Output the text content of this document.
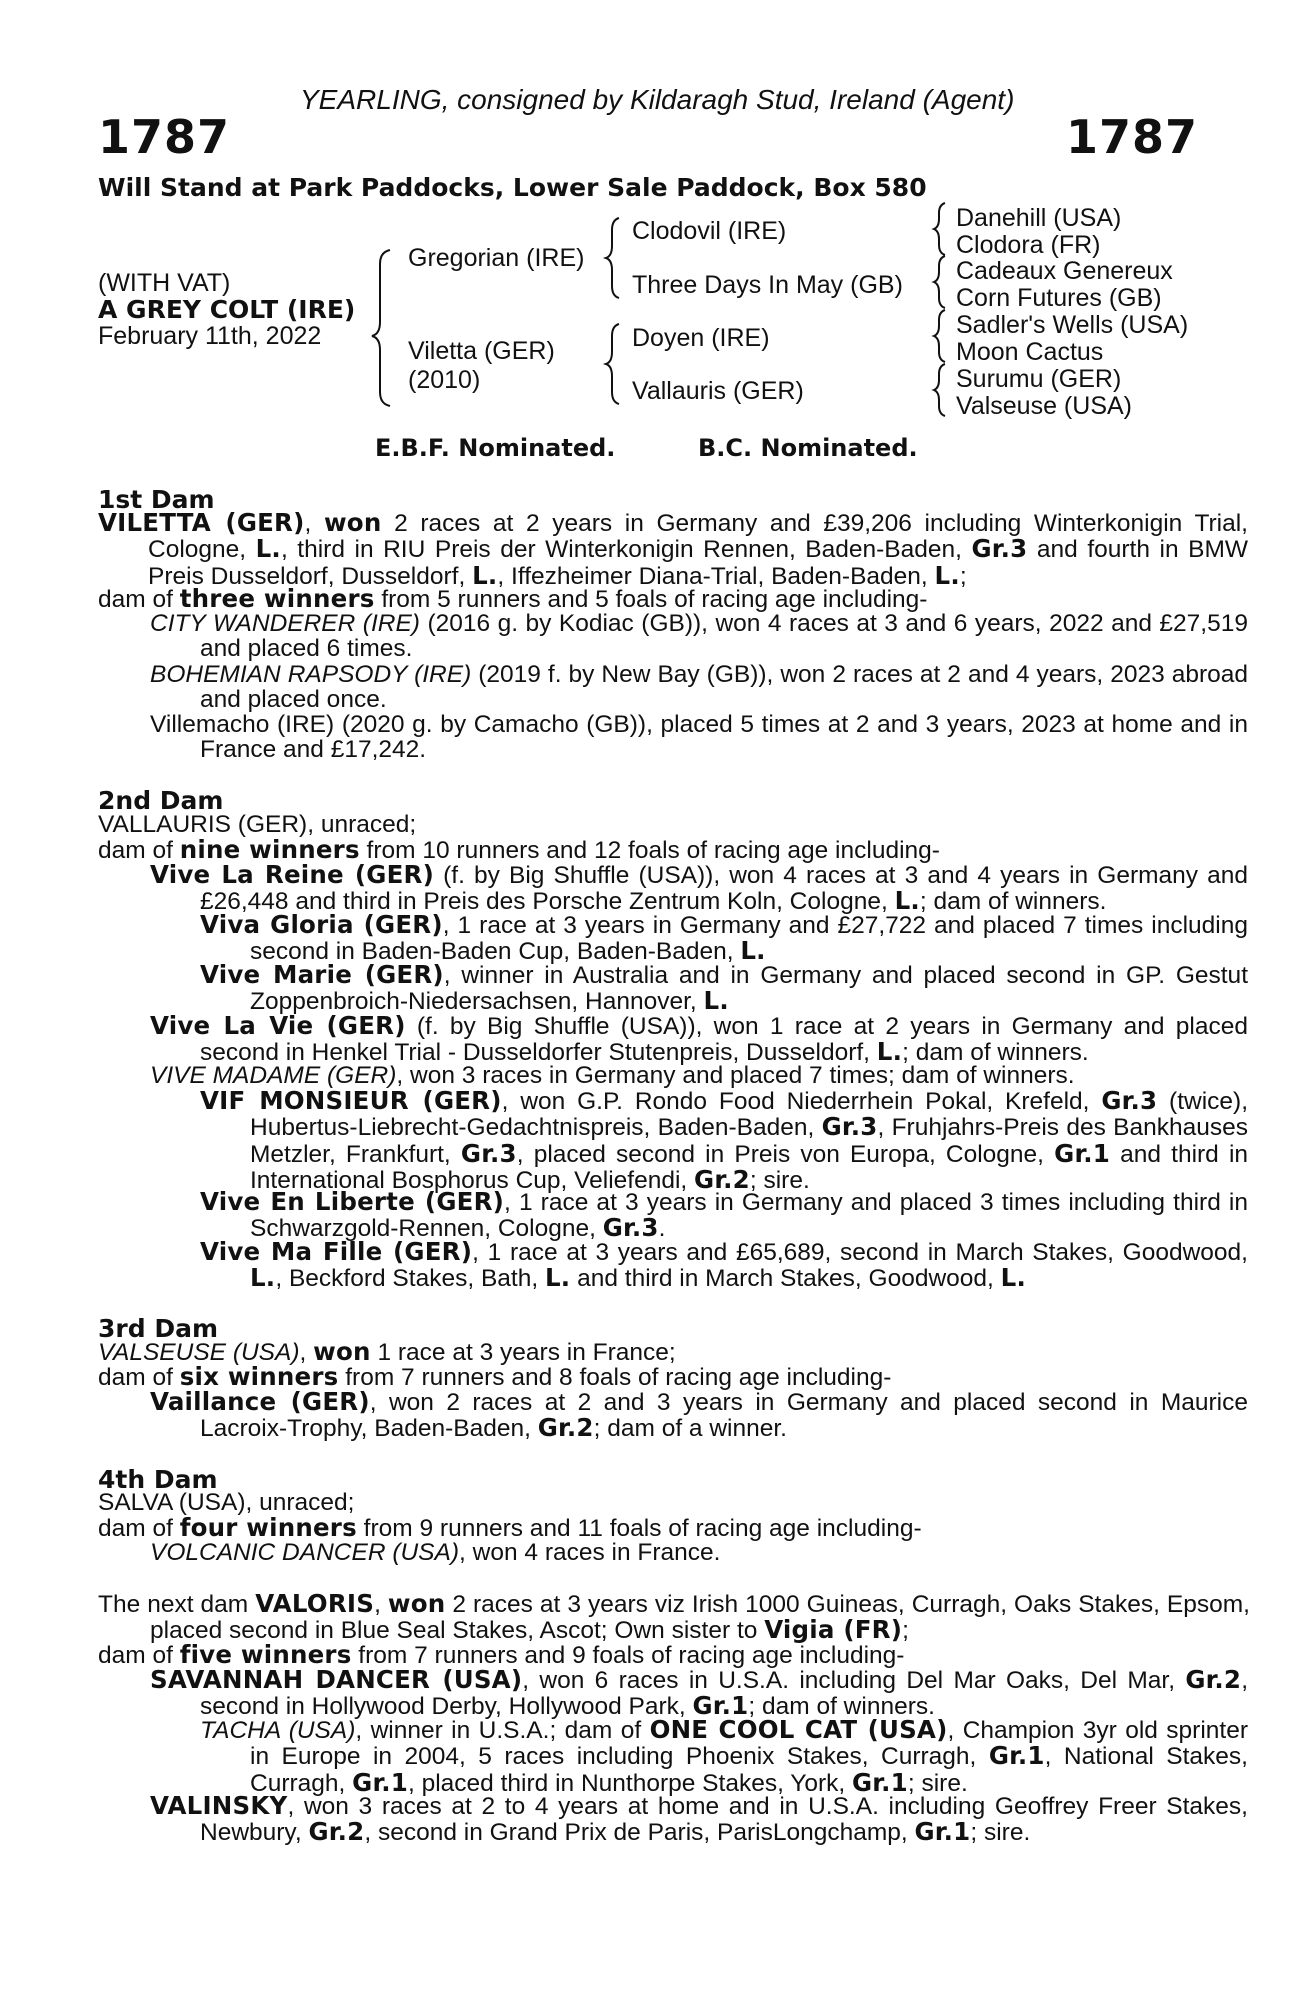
YEARLING, consigned by Kildaragh Stud, Ireland (Agent)
1787	1787
Will Stand at Park Paddocks, Lower Sale Paddock, Box 580
(WITH VAT)
A GREY COLT (IRE)
February 11th, 2022
Gregorian (IRE)
Viletta (GER)
(2010)
Clodovil (IRE)
Three Days In May (GB)
Doyen (IRE)
Vallauris (GER)
Danehill (USA)
Clodora (FR)
Cadeaux Genereux
Corn Futures (GB)
Sadler's Wells (USA)
Moon Cactus
Surumu (GER)
Valseuse (USA)
E.B.F. Nominated.	B.C. Nominated.
1st Dam

VILETTA (GER), won 2 races at 2 years in Germany and £39,206 including Winterkonigin Trial, Cologne, L., third in RIU Preis der Winterkonigin Rennen, Baden-Baden, Gr.3 and fourth in BMW Preis Dusseldorf, Dusseldorf, L., Iffezheimer Diana-Trial, Baden-Baden, L.;

dam of three winners from 5 runners and 5 foals of racing age including-

CITY WANDERER (IRE) (2016 g. by Kodiac (GB)), won 4 races at 3 and 6 years, 2022 and £27,519 and placed 6 times.

BOHEMIAN RAPSODY (IRE) (2019 f. by New Bay (GB)), won 2 races at 2 and 4 years, 2023 abroad and placed once.

Villemacho (IRE) (2020 g. by Camacho (GB)), placed 5 times at 2 and 3 years, 2023 at home and in France and £17,242.

2nd Dam

VALLAURIS (GER), unraced;

dam of nine winners from 10 runners and 12 foals of racing age including-

Vive La Reine (GER) (f. by Big Shuffle (USA)), won 4 races at 3 and 4 years in Germany and £26,448 and third in Preis des Porsche Zentrum Koln, Cologne, L.; dam of winners.

Viva Gloria (GER), 1 race at 3 years in Germany and £27,722 and placed 7 times including second in Baden-Baden Cup, Baden-Baden, L.

Vive Marie (GER), winner in Australia and in Germany and placed second in GP. Gestut Zoppenbroich-Niedersachsen, Hannover, L.

Vive La Vie (GER) (f. by Big Shuffle (USA)), won 1 race at 2 years in Germany and placed second in Henkel Trial - Dusseldorfer Stutenpreis, Dusseldorf, L.; dam of winners.

VIVE MADAME (GER), won 3 races in Germany and placed 7 times; dam of winners.

VIF MONSIEUR (GER), won G.P. Rondo Food Niederrhein Pokal, Krefeld, Gr.3 (twice), Hubertus-Liebrecht-Gedachtnispreis, Baden-Baden, Gr.3, Fruhjahrs-Preis des Bankhauses Metzler, Frankfurt, Gr.3, placed second in Preis von Europa, Cologne, Gr.1 and third in International Bosphorus Cup, Veliefendi, Gr.2; sire.

Vive En Liberte (GER), 1 race at 3 years in Germany and placed 3 times including third in Schwarzgold-Rennen, Cologne, Gr.3.

Vive Ma Fille (GER), 1 race at 3 years and £65,689, second in March Stakes, Goodwood, L., Beckford Stakes, Bath, L. and third in March Stakes, Goodwood, L.

3rd Dam

VALSEUSE (USA), won 1 race at 3 years in France;

dam of six winners from 7 runners and 8 foals of racing age including-

Vaillance (GER), won 2 races at 2 and 3 years in Germany and placed second in Maurice Lacroix-Trophy, Baden-Baden, Gr.2; dam of a winner.

4th Dam

SALVA (USA), unraced;

dam of four winners from 9 runners and 11 foals of racing age including-

VOLCANIC DANCER (USA), won 4 races in France.

The next dam VALORIS, won 2 races at 3 years viz Irish 1000 Guineas, Curragh, Oaks Stakes, Epsom, placed second in Blue Seal Stakes, Ascot; Own sister to Vigia (FR);

dam of five winners from 7 runners and 9 foals of racing age including-

SAVANNAH DANCER (USA), won 6 races in U.S.A. including Del Mar Oaks, Del Mar, Gr.2, second in Hollywood Derby, Hollywood Park, Gr.1; dam of winners.

TACHA (USA), winner in U.S.A.; dam of ONE COOL CAT (USA), Champion 3yr old sprinter in Europe in 2004, 5 races including Phoenix Stakes, Curragh, Gr.1, National Stakes, Curragh, Gr.1, placed third in Nunthorpe Stakes, York, Gr.1; sire.

VALINSKY, won 3 races at 2 to 4 years at home and in U.S.A. including Geoffrey Freer Stakes, Newbury, Gr.2, second in Grand Prix de Paris, ParisLongchamp, Gr.1; sire.
